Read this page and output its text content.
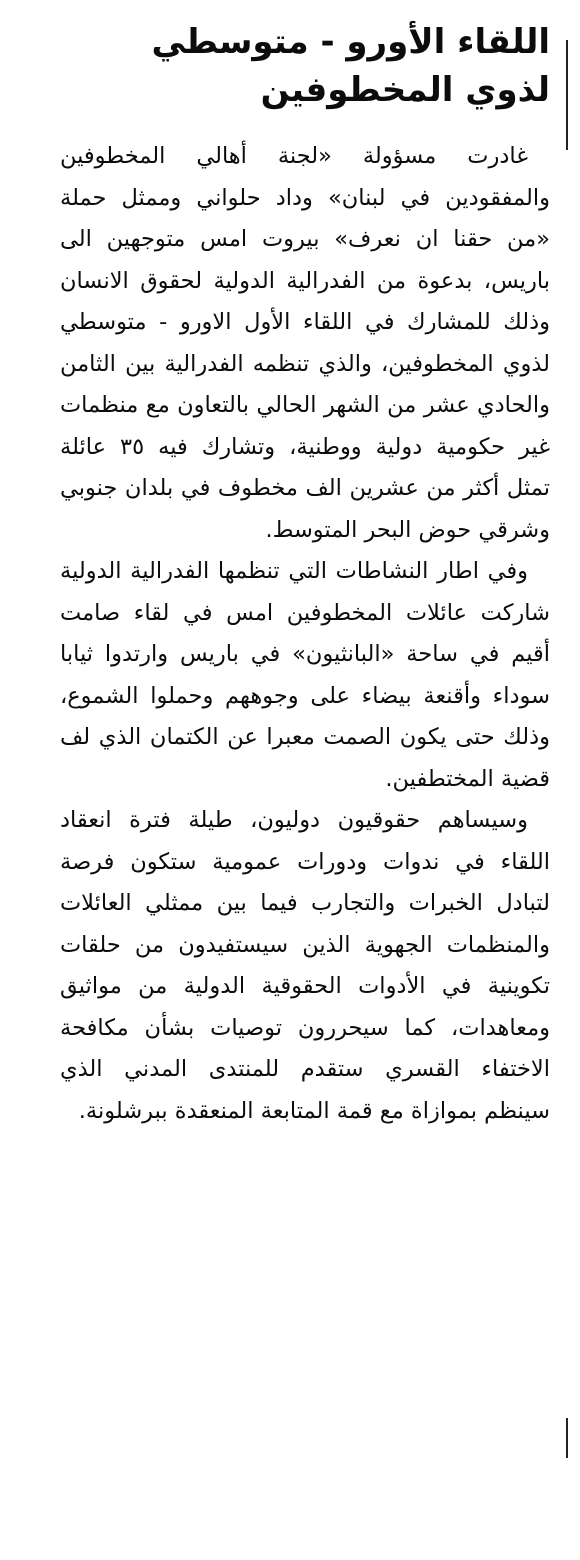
اللقاء الأورو - متوسطي
لذوي المخطوفين

غادرت مسؤولة «لجنة أهالي المخطوفين والمفقودين في لبنان» وداد حلواني وممثل حملة «من حقنا ان نعرف» بيروت امس متوجهين الى باريس، بدعوة من الفدرالية الدولية لحقوق الانسان وذلك للمشارك في اللقاء الأول الاورو - متوسطي لذوي المخطوفين، والذي تنظمه الفدرالية بين الثامن والحادي عشر من الشهر الحالي بالتعاون مع منظمات غير حكومية دولية ووطنية، وتشارك فيه ٣٥ عائلة تمثل أكثر من عشرين الف مخطوف في بلدان جنوبي وشرقي حوض البحر المتوسط.

وفي اطار النشاطات التي تنظمها الفدرالية الدولية شاركت عائلات المخطوفين امس في لقاء صامت أقيم في ساحة «البانثيون» في باريس وارتدوا ثيابا سوداء وأقنعة بيضاء على وجوههم وحملوا الشموع، وذلك حتى يكون الصمت معبرا عن الكتمان الذي لف قضية المختطفين.

وسيساهم حقوقيون دوليون، طيلة فترة انعقاد اللقاء في ندوات ودورات عمومية ستكون فرصة لتبادل الخبرات والتجارب فيما بين ممثلي العائلات والمنظمات الجهوية الذين سيستفيدون من حلقات تكوينية في الأدوات الحقوقية الدولية من مواثيق ومعاهدات، كما سيحررون توصيات بشأن مكافحة الاختفاء القسري ستقدم للمنتدى المدني الذي سينظم بموازاة مع قمة المتابعة المنعقدة ببرشلونة.
